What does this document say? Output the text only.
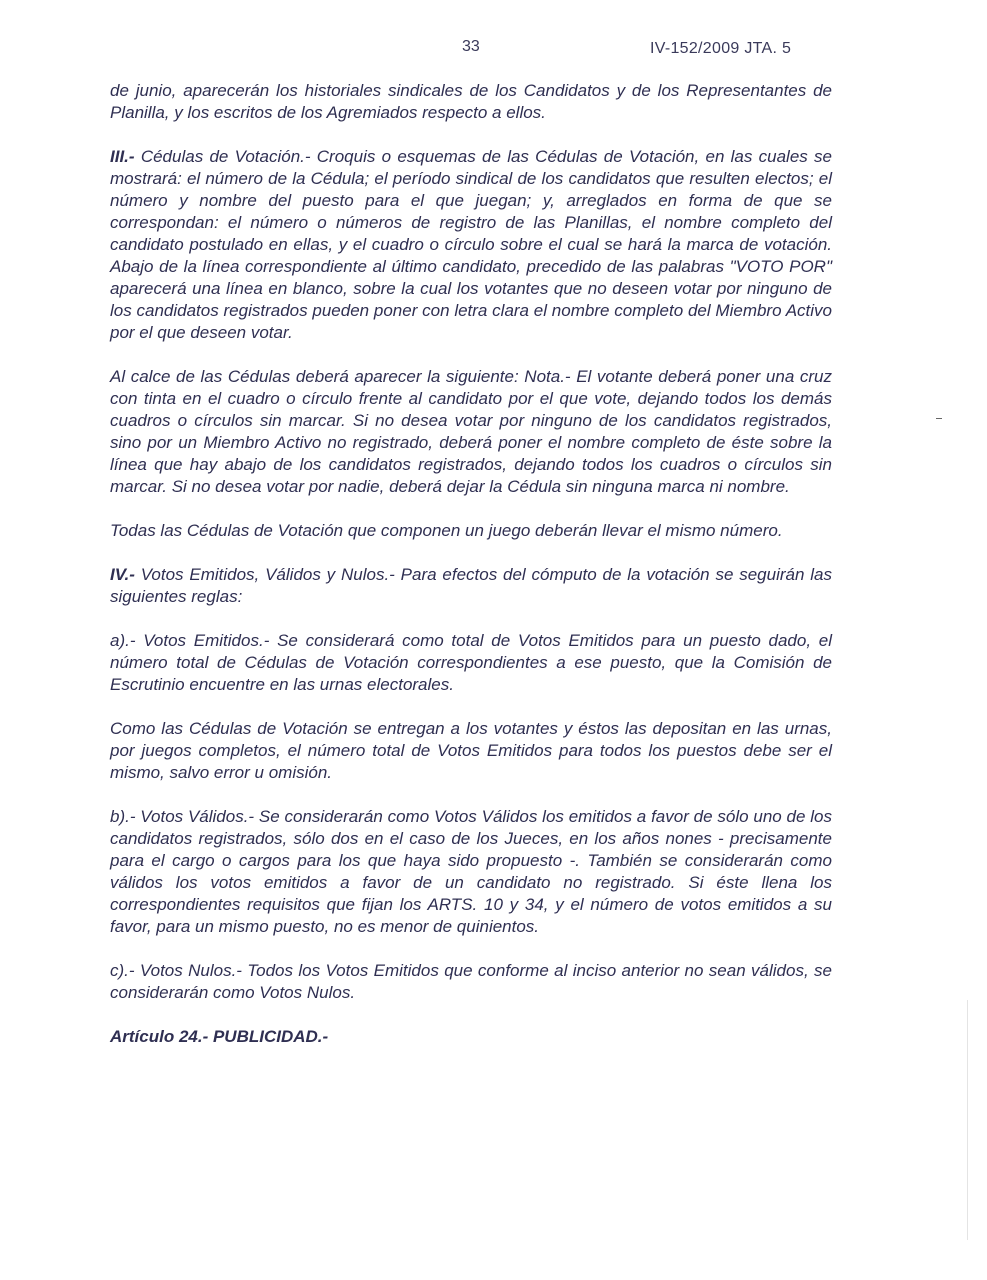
33	IV-152/2009 JTA. 5

de junio, aparecerán los historiales sindicales de los Candidatos y de los Representantes de Planilla, y los escritos de los Agremiados respecto a ellos.

III.- Cédulas de Votación.- Croquis o esquemas de las Cédulas de Votación, en las cuales se mostrará: el número de la Cédula; el período sindical de los candidatos que resulten electos; el número y nombre del puesto para el que juegan; y, arreglados en forma de que se correspondan: el número o números de registro de las Planillas, el nombre completo del candidato postulado en ellas, y el cuadro o círculo sobre el cual se hará la marca de votación. Abajo de la línea correspondiente al último candidato, precedido de las palabras "VOTO POR" aparecerá una línea en blanco, sobre la cual los votantes que no deseen votar por ninguno de los candidatos registrados pueden poner con letra clara el nombre completo del Miembro Activo por el que deseen votar.

Al calce de las Cédulas deberá aparecer la siguiente: Nota.- El votante deberá poner una cruz con tinta en el cuadro o círculo frente al candidato por el que vote, dejando todos los demás cuadros o círculos sin marcar. Si no desea votar por ninguno de los candidatos registrados, sino por un Miembro Activo no registrado, deberá poner el nombre completo de éste sobre la línea que hay abajo de los candidatos registrados, dejando todos los cuadros o círculos sin marcar. Si no desea votar por nadie, deberá dejar la Cédula sin ninguna marca ni nombre.

Todas las Cédulas de Votación que componen un juego deberán llevar el mismo número.

IV.- Votos Emitidos, Válidos y Nulos.- Para efectos del cómputo de la votación se seguirán las siguientes reglas:

a).- Votos Emitidos.- Se considerará como total de Votos Emitidos para un puesto dado, el número total de Cédulas de Votación correspondientes a ese puesto, que la Comisión de Escrutinio encuentre en las urnas electorales.

Como las Cédulas de Votación se entregan a los votantes y éstos las depositan en las urnas, por juegos completos, el número total de Votos Emitidos para todos los puestos debe ser el mismo, salvo error u omisión.

b).- Votos Válidos.- Se considerarán como Votos Válidos los emitidos a favor de sólo uno de los candidatos registrados, sólo dos en el caso de los Jueces, en los años nones - precisamente para el cargo o cargos para los que haya sido propuesto -. También se considerarán como válidos los votos emitidos a favor de un candidato no registrado. Si éste llena los correspondientes requisitos que fijan los ARTS. 10 y 34, y el número de votos emitidos a su favor, para un mismo puesto, no es menor de quinientos.

c).- Votos Nulos.- Todos los Votos Emitidos que conforme al inciso anterior no sean válidos, se considerarán como Votos Nulos.

Artículo 24.- PUBLICIDAD.-
